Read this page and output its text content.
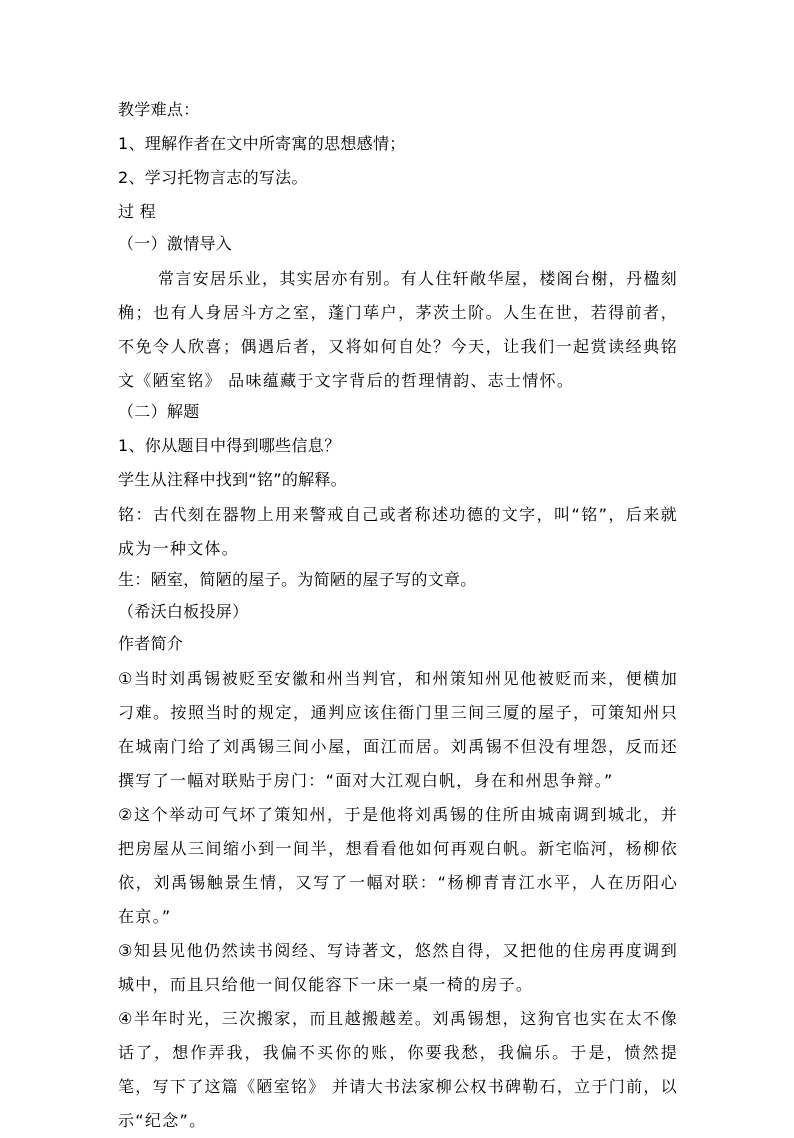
教学难点：
1、理解作者在文中所寄寓的思想感情；
2、学习托物言志的写法。
过 程
（一）激情导入
常言安居乐业，其实居亦有别。有人住轩敞华屋，楼阁台榭，丹楹刻桷；也有人身居斗方之室，蓬门荜户，茅茨土阶。人生在世，若得前者，不免令人欣喜；偶遇后者，又将如何自处？今天，让我们一起赏读经典铭文《陋室铭》 品味蕴藏于文字背后的哲理情韵、志士情怀。
（二）解题
1、你从题目中得到哪些信息？
学生从注释中找到“铭”的解释。
铭：古代刻在器物上用来警戒自己或者称述功德的文字，叫“铭”，后来就成为一种文体。
生：陋室，简陋的屋子。为简陋的屋子写的文章。
（希沃白板投屏）
作者简介
①当时刘禹锡被贬至安徽和州当判官，和州策知州见他被贬而来，便横加刁难。按照当时的规定，通判应该住衙门里三间三厦的屋子，可策知州只在城南门给了刘禹锡三间小屋，面江而居。刘禹锡不但没有埋怨，反而还撰写了一幅对联贴于房门：“面对大江观白帆，身在和州思争辩。”
②这个举动可气坏了策知州，于是他将刘禹锡的住所由城南调到城北，并把房屋从三间缩小到一间半，想看看他如何再观白帆。新宅临河，杨柳依依，刘禹锡触景生情，又写了一幅对联：“杨柳青青江水平，人在历阳心在京。”
③知县见他仍然读书阅经、写诗著文，悠然自得，又把他的住房再度调到城中，而且只给他一间仅能容下一床一桌一椅的房子。
④半年时光，三次搬家，而且越搬越差。刘禹锡想，这狗官也实在太不像话了，想作弄我，我偏不买你的账，你要我愁，我偏乐。于是，愤然提笔，写下了这篇《陋室铭》 并请大书法家柳公权书碑勒石，立于门前，以示“纪念”。
